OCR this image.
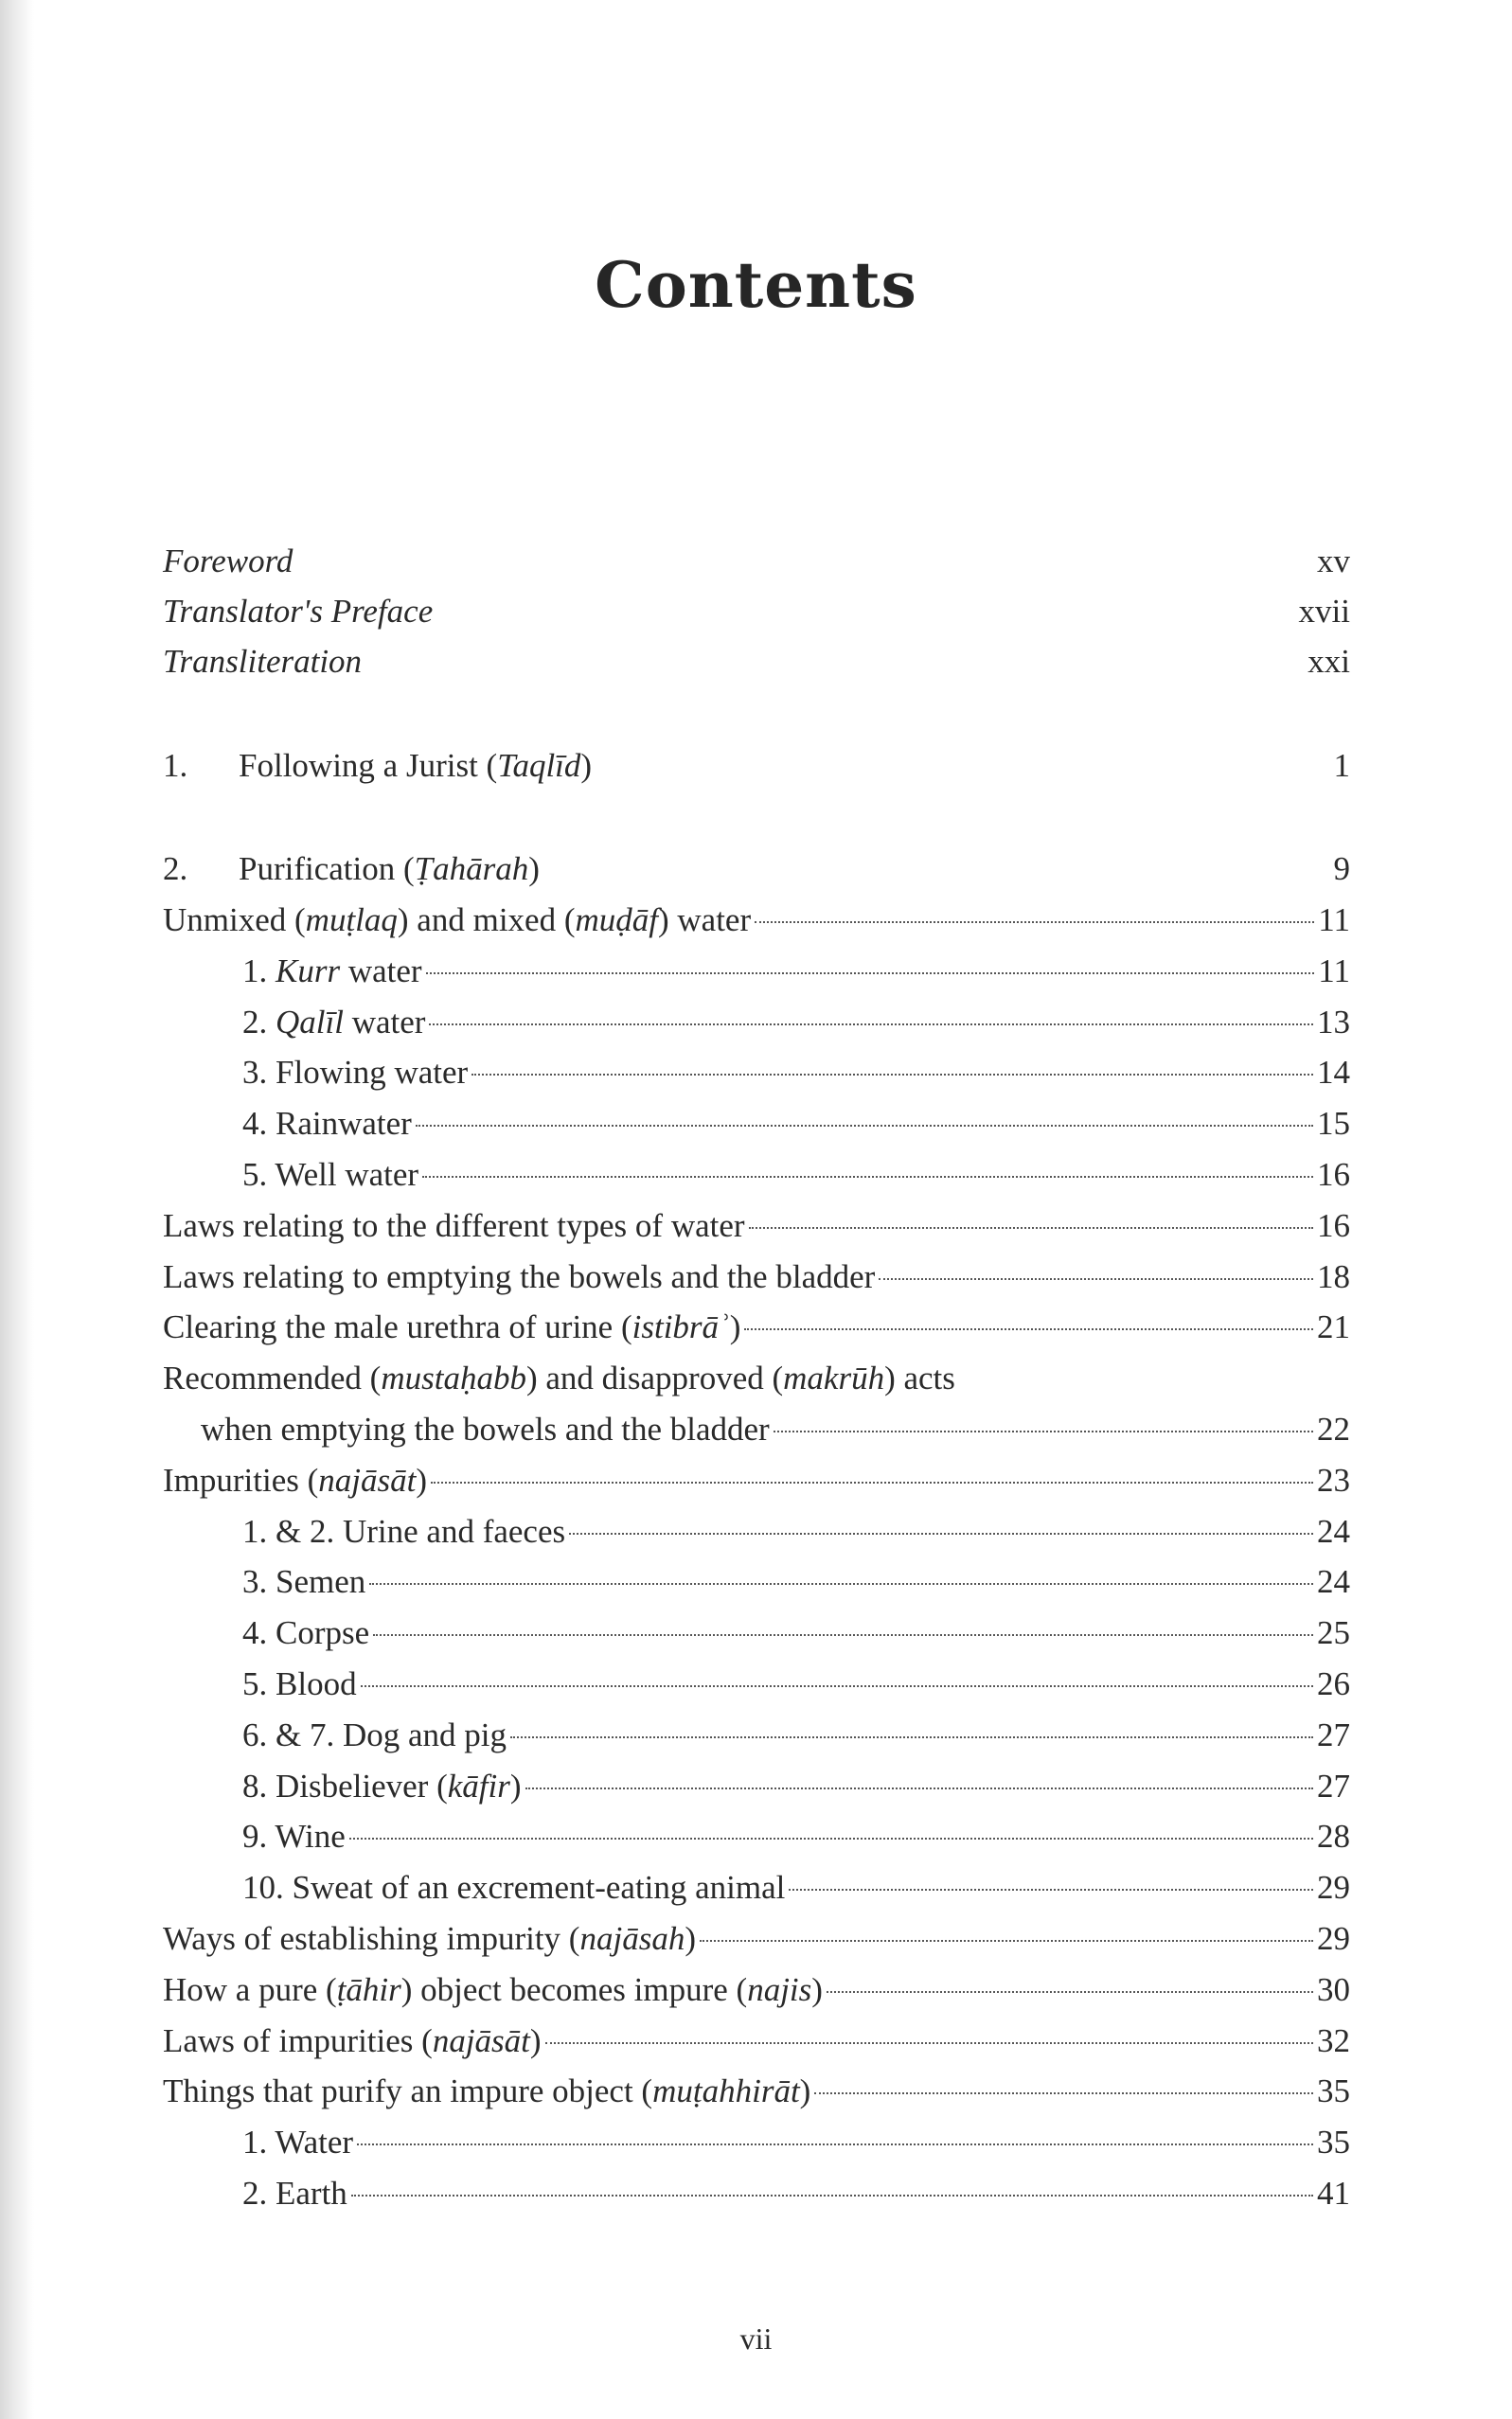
Contents
Foreword	xv
Translator's Preface	xvii
Transliteration	xxi
1. Following a Jurist (Taqlīd)	1
2. Purification (Ṭahārah)	9
Unmixed (muṭlaq) and mixed (muḍāf) water	11
1. Kurr water	11
2. Qalīl water	13
3. Flowing water	14
4. Rainwater	15
5. Well water	16
Laws relating to the different types of water	16
Laws relating to emptying the bowels and the bladder	18
Clearing the male urethra of urine (istibrāʾ)	21
Recommended (mustaḥabb) and disapproved (makrūh) acts
when emptying the bowels and the bladder	22
Impurities (najāsāt)	23
1. & 2. Urine and faeces	24
3. Semen	24
4. Corpse	25
5. Blood	26
6. & 7. Dog and pig	27
8. Disbeliever (kāfir)	27
9. Wine	28
10. Sweat of an excrement-eating animal	29
Ways of establishing impurity (najāsah)	29
How a pure (ṭāhir) object becomes impure (najis)	30
Laws of impurities (najāsāt)	32
Things that purify an impure object (muṭahhirāt)	35
1. Water	35
2. Earth	41
vii
